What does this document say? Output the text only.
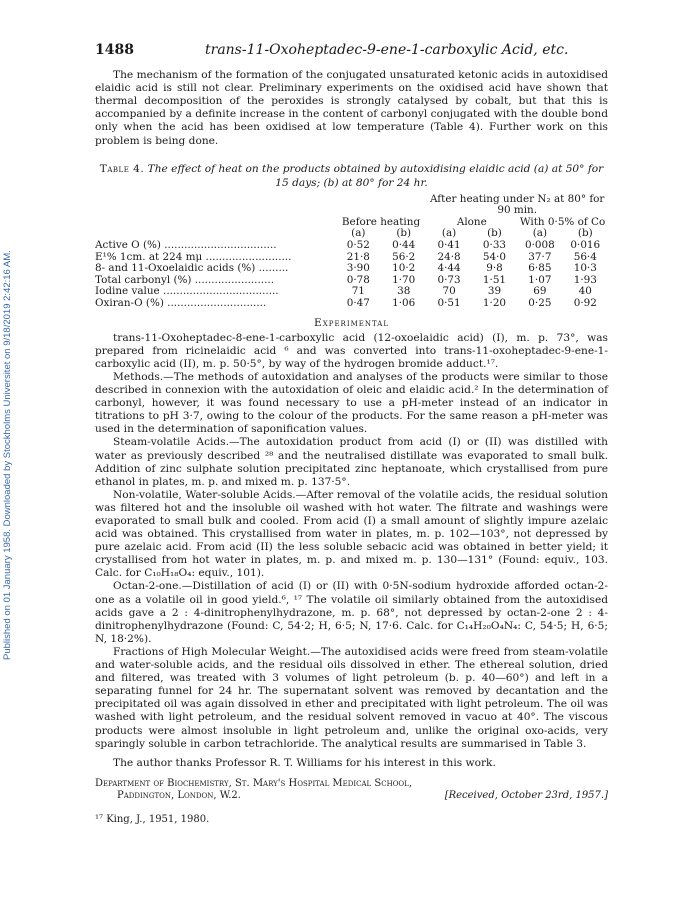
Published on 01 January 1958. Downloaded by Stockholms Universitet on 9/18/2019 2:42:16 AM.
1488	trans-11-Oxoheptadec-9-ene-1-carboxylic Acid, etc.

The mechanism of the formation of the conjugated unsaturated ketonic acids in autoxidised elaidic acid is still not clear. Preliminary experiments on the oxidised acid have shown that thermal decomposition of the peroxides is strongly catalysed by cobalt, but that this is accompanied by a definite increase in the content of carbonyl conjugated with the double bond only when the acid has been oxidised at low temperature (Table 4). Further work on this problem is being done.

Table 4. The effect of heat on the products obtained by autoxidising elaidic acid (a) at 50° for 15 days; (b) at 80° for 24 hr.
			After heating under N₂ at 80° for 90 min.			
	Before heating		Alone		With 0·5% of Co	
	(a)	(b)	(a)	(b)	(a)	(b)
Active O (%) ..................................	0·52	0·44	0·41	0·33	0·008	0·016
E¹% 1cm. at 224 mμ ..........................	21·8	56·2	24·8	54·0	37·7	56·4
8- and 11-Oxoelaidic acids (%) .........	3·90	10·2	4·44	9·8	6·85	10·3
Total carbonyl (%) ........................	0·78	1·70	0·73	1·51	1·07	1·93
Iodine value ...................................	71	38	70	39	69	40
Oxiran-O (%) ..............................	0·47	1·06	0·51	1·20	0·25	0·92
Experimental

trans-11-Oxoheptadec-8-ene-1-carboxylic acid (12-oxoelaidic acid) (I), m. p. 73°, was prepared from ricinelaidic acid ⁶ and was converted into trans-11-oxoheptadec-9-ene-1-carboxylic acid (II), m. p. 50·5°, by way of the hydrogen bromide adduct.¹⁷.

Methods.—The methods of autoxidation and analyses of the products were similar to those described in connexion with the autoxidation of oleic and elaidic acid.² In the determination of carbonyl, however, it was found necessary to use a pH-meter instead of an indicator in titrations to pH 3·7, owing to the colour of the products. For the same reason a pH-meter was used in the determination of saponification values.

Steam-volatile Acids.—The autoxidation product from acid (I) or (II) was distilled with water as previously described ²⁸ and the neutralised distillate was evaporated to small bulk. Addition of zinc sulphate solution precipitated zinc heptanoate, which crystallised from pure ethanol in plates, m. p. and mixed m. p. 137·5°.

Non-volatile, Water-soluble Acids.—After removal of the volatile acids, the residual solution was filtered hot and the insoluble oil washed with hot water. The filtrate and washings were evaporated to small bulk and cooled. From acid (I) a small amount of slightly impure azelaic acid was obtained. This crystallised from water in plates, m. p. 102—103°, not depressed by pure azelaic acid. From acid (II) the less soluble sebacic acid was obtained in better yield; it crystallised from hot water in plates, m. p. and mixed m. p. 130—131° (Found: equiv., 103. Calc. for C₁₀H₁₈O₄: equiv., 101).

Octan-2-one.—Distillation of acid (I) or (II) with 0·5N-sodium hydroxide afforded octan-2-one as a volatile oil in good yield.⁶, ¹⁷ The volatile oil similarly obtained from the autoxidised acids gave a 2 : 4-dinitrophenylhydrazone, m. p. 68°, not depressed by octan-2-one 2 : 4-dinitrophenylhydrazone (Found: C, 54·2; H, 6·5; N, 17·6. Calc. for C₁₄H₂₀O₄N₄: C, 54·5; H, 6·5; N, 18·2%).

Fractions of High Molecular Weight.—The autoxidised acids were freed from steam-volatile and water-soluble acids, and the residual oils dissolved in ether. The ethereal solution, dried and filtered, was treated with 3 volumes of light petroleum (b. p. 40—60°) and left in a separating funnel for 24 hr. The supernatant solvent was removed by decantation and the precipitated oil was again dissolved in ether and precipitated with light petroleum. The oil was washed with light petroleum, and the residual solvent removed in vacuo at 40°. The viscous products were almost insoluble in light petroleum and, unlike the original oxo-acids, very sparingly soluble in carbon tetrachloride. The analytical results are summarised in Table 3.

The author thanks Professor R. T. Williams for his interest in this work.

Department of Biochemistry, St. Mary's Hospital Medical School,
Paddington, London, W.2.	[Received, October 23rd, 1957.]
¹⁷ King, J., 1951, 1980.
